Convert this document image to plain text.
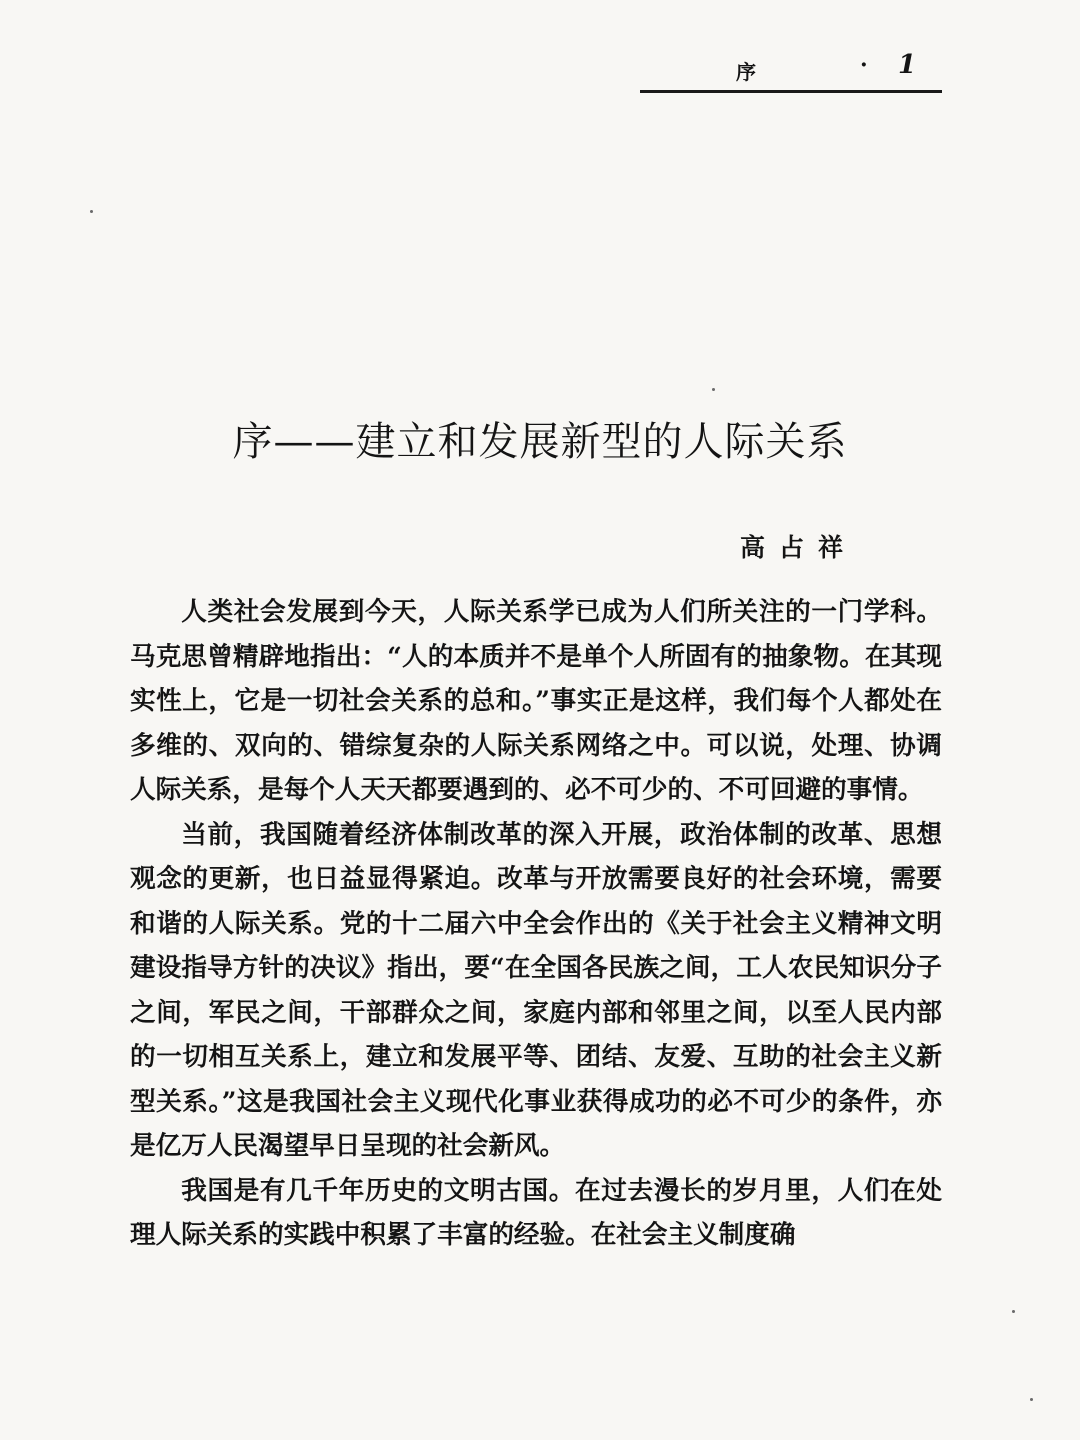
序	· 1
序——建立和发展新型的人际关系
高占祥

人类社会发展到今天，人际关系学已成为人们所关注的一门学科。马克思曾精辟地指出：“人的本质并不是单个人所固有的抽象物。在其现实性上，它是一切社会关系的总和。”事实正是这样，我们每个人都处在多维的、双向的、错综复杂的人际关系网络之中。可以说，处理、协调人际关系，是每个人天天都要遇到的、必不可少的、不可回避的事情。

当前，我国随着经济体制改革的深入开展，政治体制的改革、思想观念的更新，也日益显得紧迫。改革与开放需要良好的社会环境，需要和谐的人际关系。党的十二届六中全会作出的《关于社会主义精神文明建设指导方针的决议》指出，要“在全国各民族之间，工人农民知识分子之间，军民之间，干部群众之间，家庭内部和邻里之间，以至人民内部的一切相互关系上，建立和发展平等、团结、友爱、互助的社会主义新型关系。”这是我国社会主义现代化事业获得成功的必不可少的条件，亦是亿万人民渴望早日呈现的社会新风。

我国是有几千年历史的文明古国。在过去漫长的岁月里，人们在处理人际关系的实践中积累了丰富的经验。在社会主义制度确
